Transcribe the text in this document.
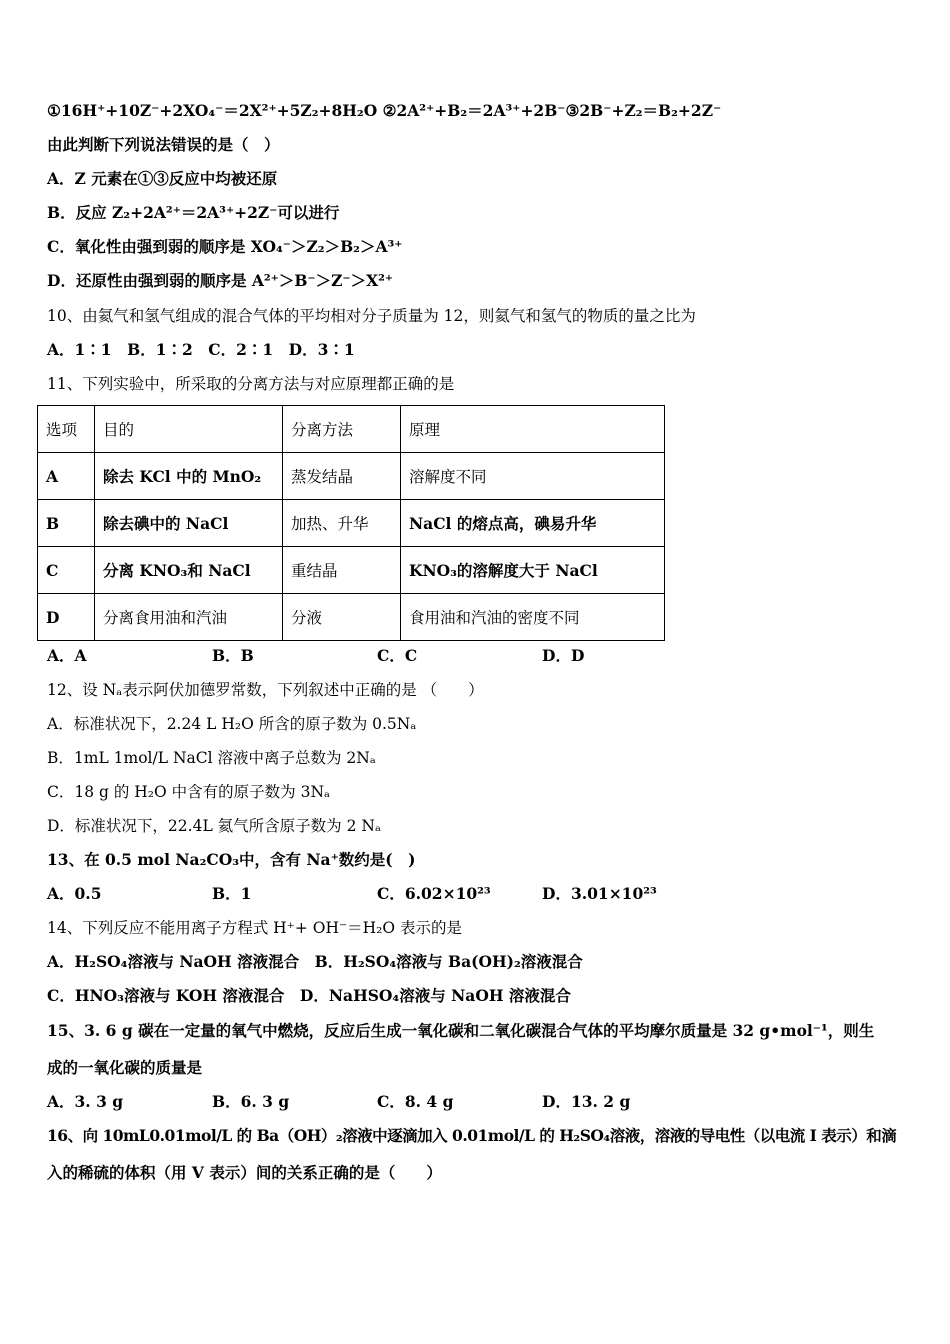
①16H⁺+10Z⁻+2XO₄⁻＝2X²⁺+5Z₂+8H₂O ②2A²⁺+B₂＝2A³⁺+2B⁻③2B⁻+Z₂＝B₂+2Z⁻
由此判断下列说法错误的是（　）
A．Z 元素在①③反应中均被还原
B．反应 Z₂+2A²⁺＝2A³⁺+2Z⁻可以进行
C．氧化性由强到弱的顺序是 XO₄⁻＞Z₂＞B₂＞A³⁺
D．还原性由强到弱的顺序是 A²⁺＞B⁻＞Z⁻＞X²⁺
10、由氦气和氢气组成的混合气体的平均相对分子质量为 12，则氦气和氢气的物质的量之比为
A．1∶1　B．1∶2　C．2∶1　D．3∶1
11、下列实验中，所采取的分离方法与对应原理都正确的是
选项	目的	分离方法	原理
A	除去 KCl 中的 MnO₂	蒸发结晶	溶解度不同
B	除去碘中的 NaCl	加热、升华	NaCl 的熔点高，碘易升华
C	分离 KNO₃和 NaCl	重结晶	KNO₃的溶解度大于 NaCl
D	分离食用油和汽油	分液	食用油和汽油的密度不同
A．A	B．B	C．C	D．D
12、设 Nₐ表示阿伏加德罗常数，下列叙述中正确的是 （　　）
A．标准状况下，2.24 L H₂O 所含的原子数为 0.5Nₐ
B．1mL 1mol/L NaCl 溶液中离子总数为 2Nₐ
C．18 g 的 H₂O 中含有的原子数为 3Nₐ
D．标准状况下，22.4L 氦气所含原子数为 2 Nₐ
13、在 0.5 mol Na₂CO₃中，含有 Na⁺数约是(　)
A．0.5	B．1	C．6.02×10²³	D．3.01×10²³
14、下列反应不能用离子方程式 H⁺+ OH⁻＝H₂O 表示的是
A．H₂SO₄溶液与 NaOH 溶液混合　B．H₂SO₄溶液与 Ba(OH)₂溶液混合
C．HNO₃溶液与 KOH 溶液混合　D．NaHSO₄溶液与 NaOH 溶液混合
15、3. 6 g 碳在一定量的氧气中燃烧，反应后生成一氧化碳和二氧化碳混合气体的平均摩尔质量是 32 g•mol⁻¹，则生
成的一氧化碳的质量是
A．3. 3 g	B．6. 3 g	C．8. 4 g	D．13. 2 g
16、向 10mL0.01mol/L 的 Ba（OH）₂溶液中逐滴加入 0.01mol/L 的 H₂SO₄溶液，溶液的导电性（以电流 I 表示）和滴
入的稀硫的体积（用 V 表示）间的关系正确的是（　　）
